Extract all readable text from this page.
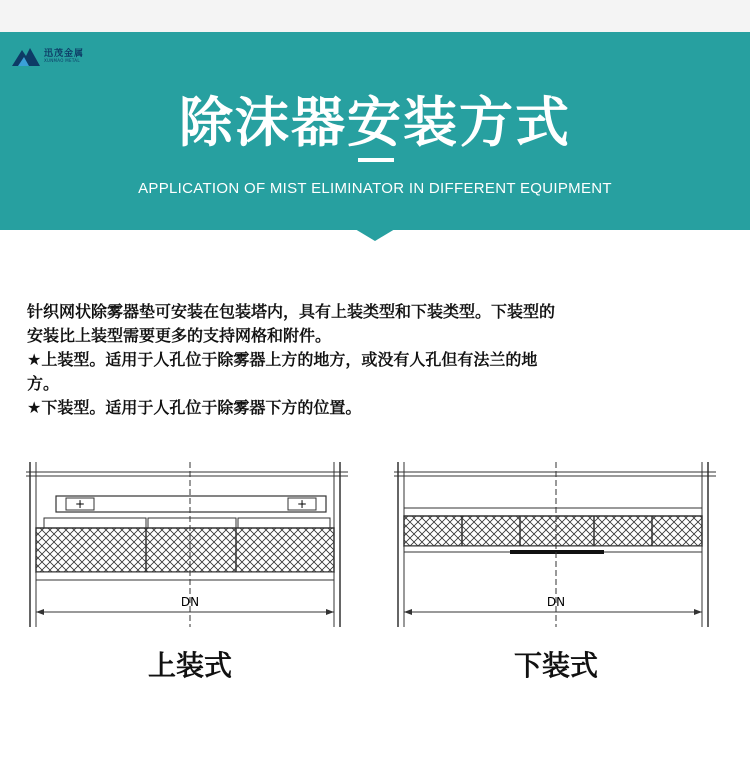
迅茂金属
XUNMAO METAL
除沫器安装方式
APPLICATION OF MIST ELIMINATOR IN DIFFERENT EQUIPMENT

针织网状除雾器垫可安装在包装塔内，具有上装类型和下装类型。下装型的

安装比上装型需要更多的支持网格和附件。

★上装型。适用于人孔位于除雾器上方的地方，或没有人孔但有法兰的地

方。

★下装型。适用于人孔位于除雾器下方的位置。

+	+
DN	DN
上装式	下装式
